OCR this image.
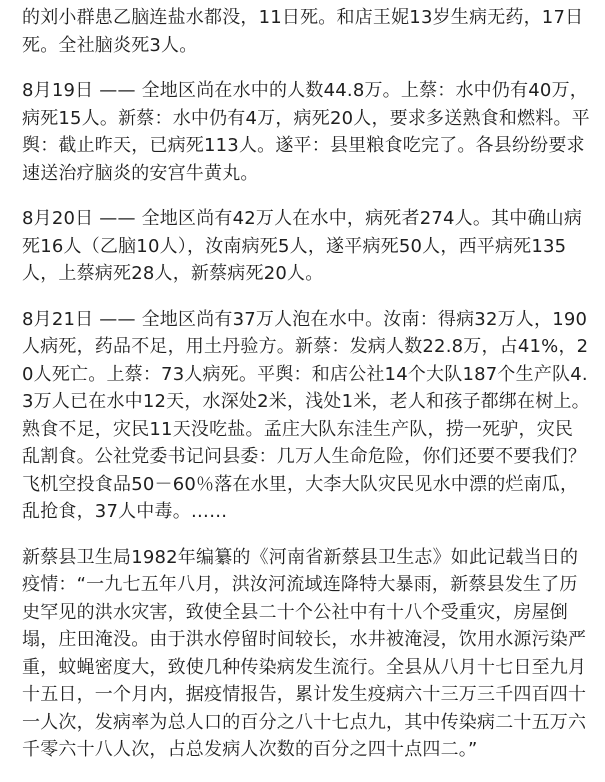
的刘小群患乙脑连盐水都没，11日死。和店王妮13岁生病无药，17日死。全社脑炎死3人。

8月19日 —— 全地区尚在水中的人数44.8万。上蔡：水中仍有40万，病死15人。新蔡：水中仍有4万，病死20人，要求多送熟食和燃料。平舆：截止昨天，已病死113人。遂平：县里粮食吃完了。各县纷纷要求速送治疗脑炎的安宫牛黄丸。

8月20日 —— 全地区尚有42万人在水中，病死者274人。其中确山病死16人（乙脑10人），汝南病死5人，遂平病死50人，西平病死135人，上蔡病死28人，新蔡病死20人。

8月21日 —— 全地区尚有37万人泡在水中。汝南：得病32万人，190人病死，药品不足，用土丹验方。新蔡：发病人数22.8万，占41%，20人死亡。上蔡：73人病死。平舆：和店公社14个大队187个生产队4.3万人已在水中12天，水深处2米，浅处1米，老人和孩子都绑在树上。熟食不足，灾民11天没吃盐。孟庄大队东洼生产队，捞一死驴，灾民乱割食。公社党委书记问县委：几万人生命危险，你们还要不要我们？飞机空投食品50－60％落在水里，大李大队灾民见水中漂的烂南瓜，乱抢食，37人中毒。……

新蔡县卫生局1982年编纂的《河南省新蔡县卫生志》如此记载当日的疫情：“一九七五年八月，洪汝河流域连降特大暴雨，新蔡县发生了历史罕见的洪水灾害，致使全县二十个公社中有十八个受重灾，房屋倒塌，庄田淹没。由于洪水停留时间较长，水井被淹浸，饮用水源污染严重，蚊蝇密度大，致使几种传染病发生流行。全县从八月十七日至九月十五日，一个月内，据疫情报告，累计发生疫病六十三万三千四百四十一人次，发病率为总人口的百分之八十七点九，其中传染病二十五万六千零六十八人次，占总发病人次数的百分之四十点四二。”
